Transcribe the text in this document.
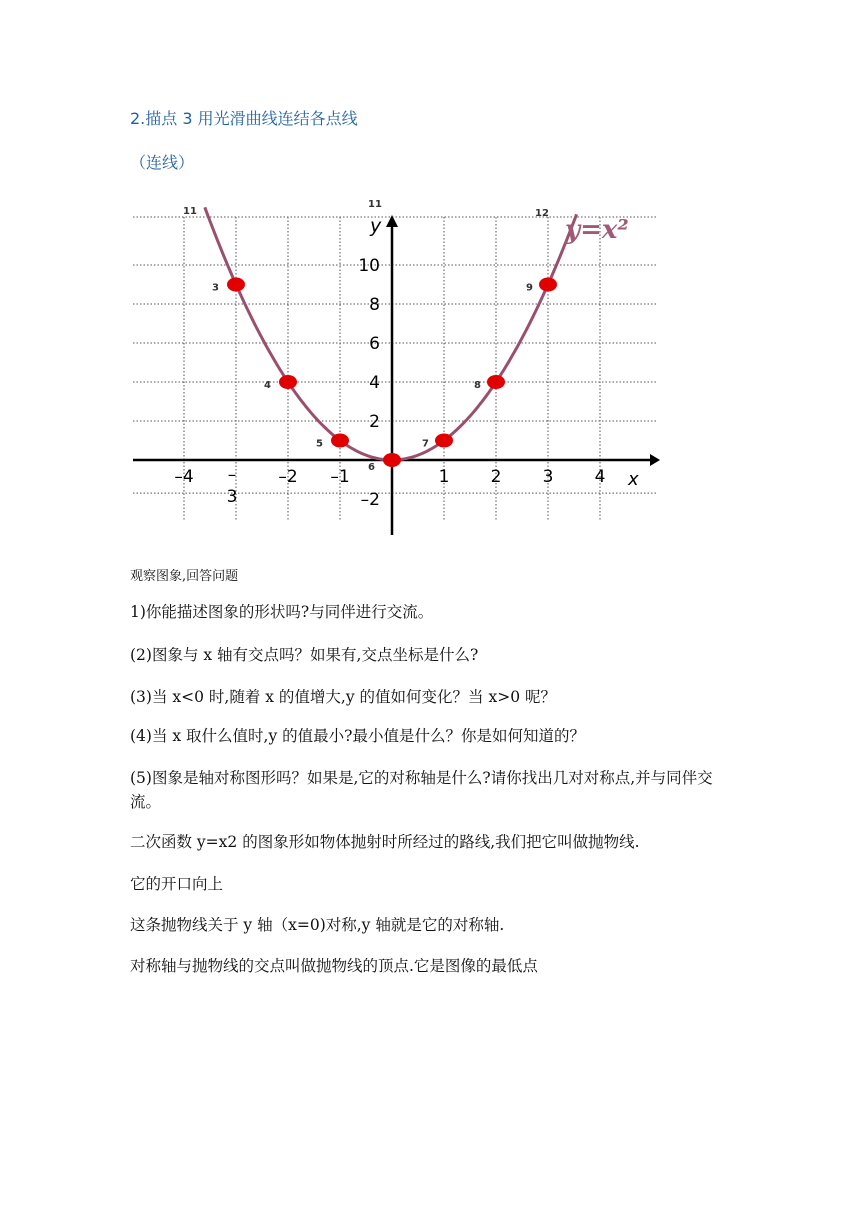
2.描点 3 用光滑曲线连结各点线
（连线）
–4 –
3
–2 –1	1 2 3 4
–2
2
4
6
8
10
x
y
3
4
5
6
7
8
9
11
11
12
y=x²
观察图象,回答问题
1)你能描述图象的形状吗?与同伴进行交流。
(2)图象与 x 轴有交点吗？如果有,交点坐标是什么?
(3)当 x<0 时,随着 x 的值增大,y 的值如何变化？当 x>0 呢？
(4)当 x 取什么值时,y 的值最小?最小值是什么？你是如何知道的？
(5)图象是轴对称图形吗？如果是,它的对称轴是什么?请你找出几对对称点,并与同伴交流。
二次函数 y=x2 的图象形如物体抛射时所经过的路线,我们把它叫做抛物线.
它的开口向上
这条抛物线关于 y 轴（x=0)对称,y 轴就是它的对称轴.
对称轴与抛物线的交点叫做抛物线的顶点.它是图像的最低点
